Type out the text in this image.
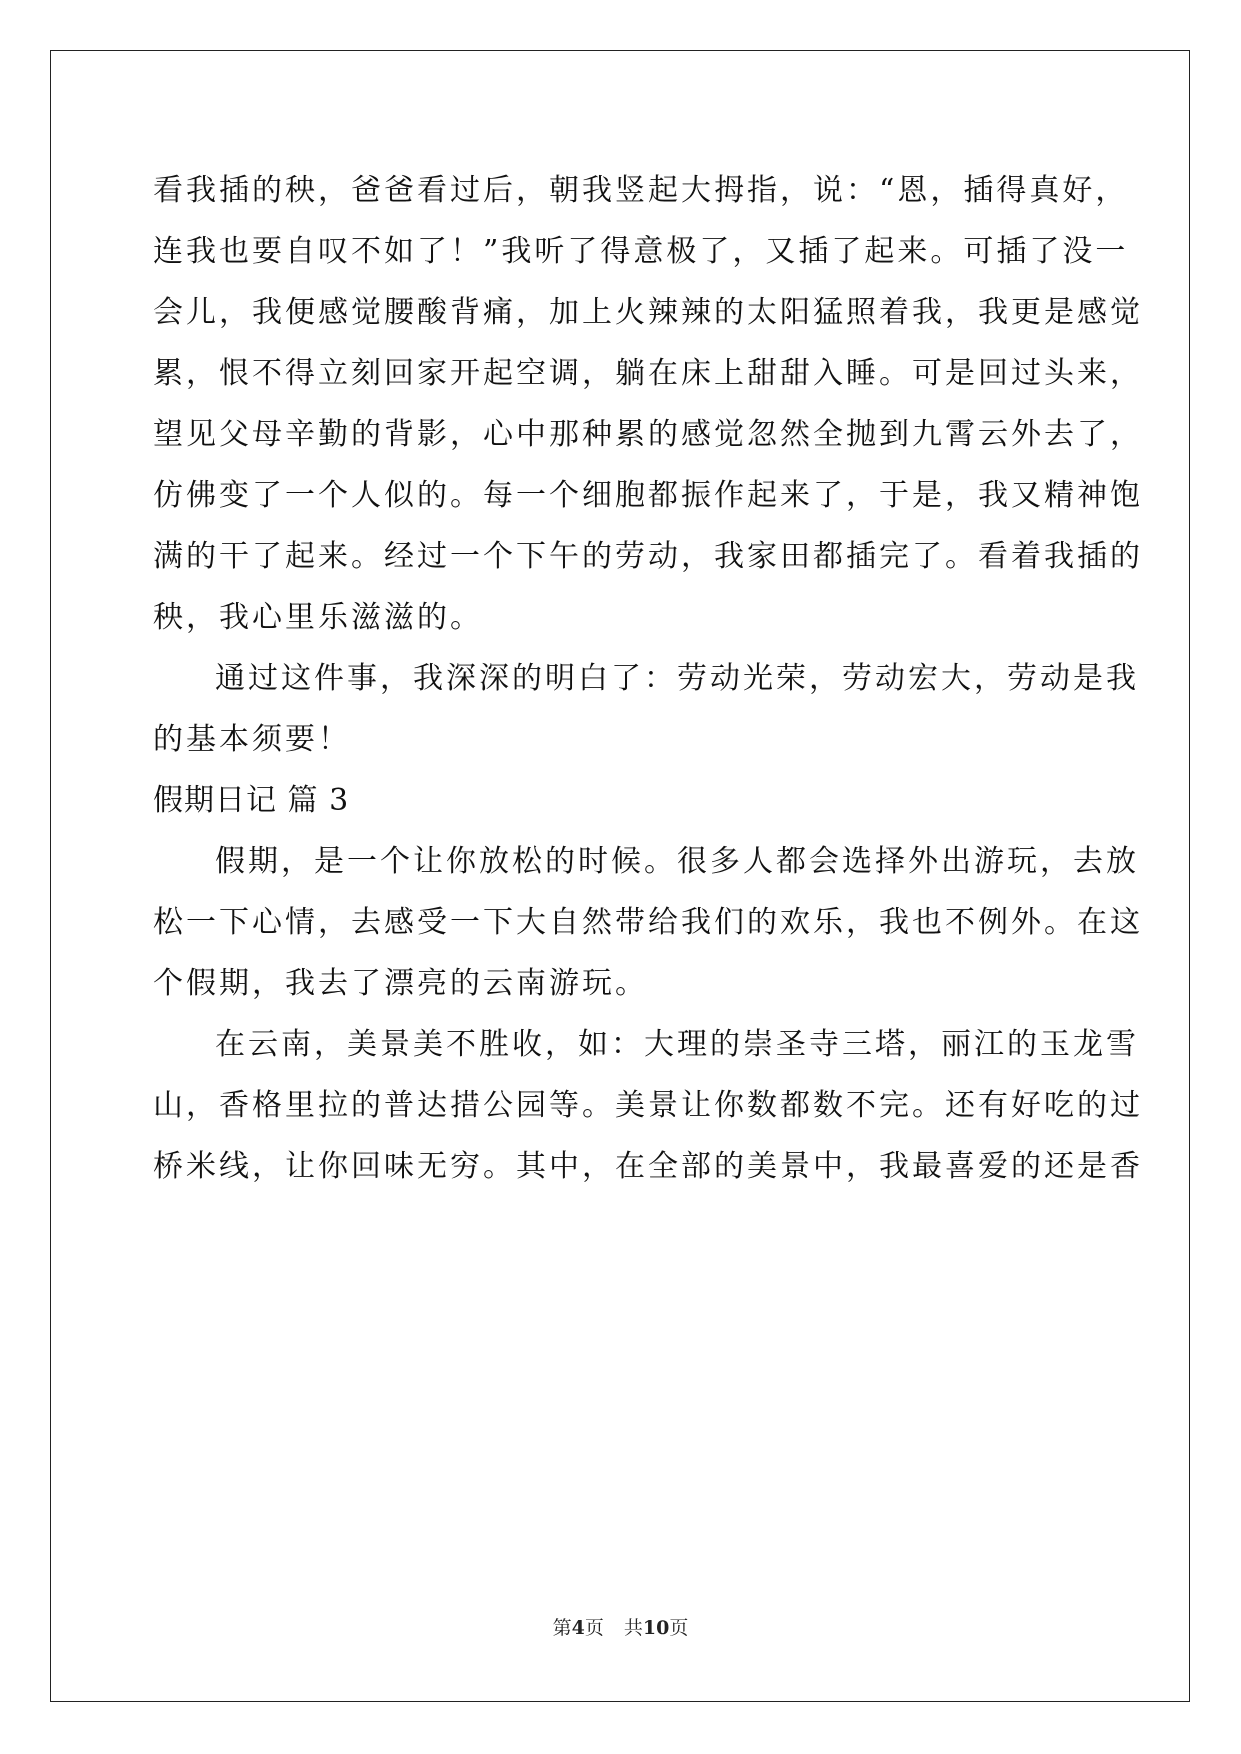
看我插的秧，爸爸看过后，朝我竖起大拇指，说：“恩，插得真好，
连我也要自叹不如了！”我听了得意极了，又插了起来。可插了没一
会儿，我便感觉腰酸背痛，加上火辣辣的太阳猛照着我，我更是感觉
累，恨不得立刻回家开起空调，躺在床上甜甜入睡。可是回过头来，
望见父母辛勤的背影，心中那种累的感觉忽然全抛到九霄云外去了，
仿佛变了一个人似的。每一个细胞都振作起来了，于是，我又精神饱
满的干了起来。经过一个下午的劳动，我家田都插完了。看着我插的
秧，我心里乐滋滋的。
通过这件事，我深深的明白了：劳动光荣，劳动宏大，劳动是我
的基本须要！
假期日记 篇 3
假期，是一个让你放松的时候。很多人都会选择外出游玩，去放
松一下心情，去感受一下大自然带给我们的欢乐，我也不例外。在这
个假期，我去了漂亮的云南游玩。
在云南，美景美不胜收，如：大理的崇圣寺三塔，丽江的玉龙雪
山，香格里拉的普达措公园等。美景让你数都数不完。还有好吃的过
桥米线，让你回味无穷。其中，在全部的美景中，我最喜爱的还是香
第4页 共10页
